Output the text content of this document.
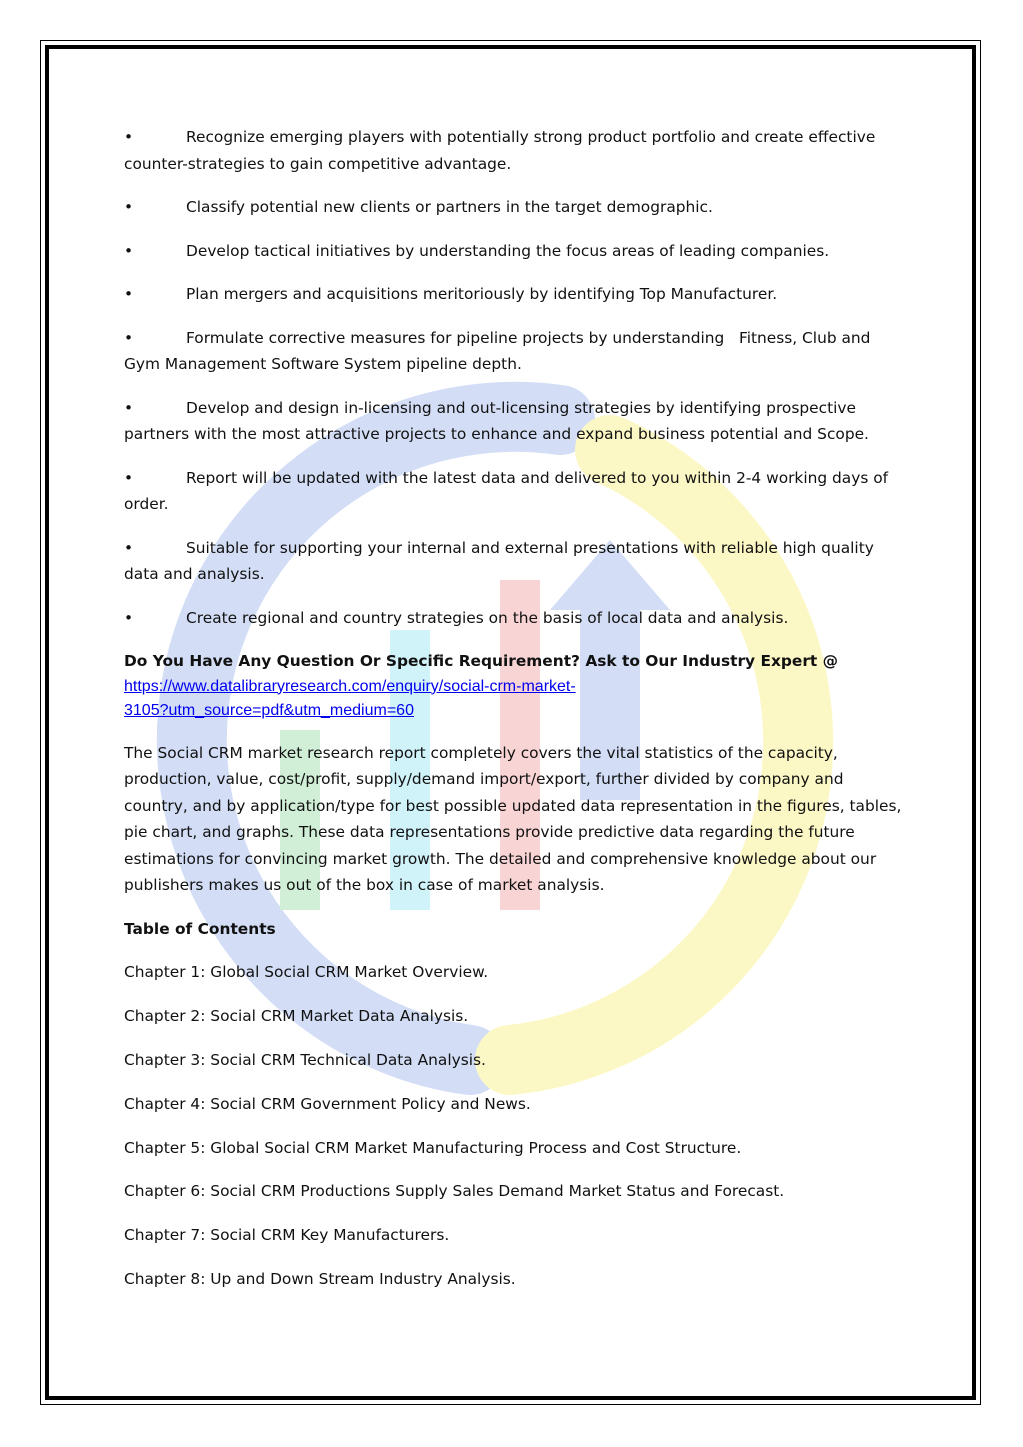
•	Recognize emerging players with potentially strong product portfolio and create effective counter-strategies to gain competitive advantage.
•	Classify potential new clients or partners in the target demographic.
•	Develop tactical initiatives by understanding the focus areas of leading companies.
•	Plan mergers and acquisitions meritoriously by identifying Top Manufacturer.
•	Formulate corrective measures for pipeline projects by understanding   Fitness, Club and Gym Management Software System pipeline depth.
•	Develop and design in-licensing and out-licensing strategies by identifying prospective partners with the most attractive projects to enhance and expand business potential and Scope.
•	Report will be updated with the latest data and delivered to you within 2-4 working days of order.
•	Suitable for supporting your internal and external presentations with reliable high quality data and analysis.
•	Create regional and country strategies on the basis of local data and analysis.
Do You Have Any Question Or Specific Requirement? Ask to Our Industry Expert @
https://www.datalibraryresearch.com/enquiry/social-crm-market-
3105?utm_source=pdf&utm_medium=60
The Social CRM market research report completely covers the vital statistics of the capacity, production, value, cost/profit, supply/demand import/export, further divided by company and country, and by application/type for best possible updated data representation in the figures, tables, pie chart, and graphs. These data representations provide predictive data regarding the future estimations for convincing market growth. The detailed and comprehensive knowledge about our publishers makes us out of the box in case of market analysis.
Table of Contents
Chapter 1: Global Social CRM Market Overview.
Chapter 2: Social CRM Market Data Analysis.
Chapter 3: Social CRM Technical Data Analysis.
Chapter 4: Social CRM Government Policy and News.
Chapter 5: Global Social CRM Market Manufacturing Process and Cost Structure.
Chapter 6: Social CRM Productions Supply Sales Demand Market Status and Forecast.
Chapter 7: Social CRM Key Manufacturers.
Chapter 8: Up and Down Stream Industry Analysis.
